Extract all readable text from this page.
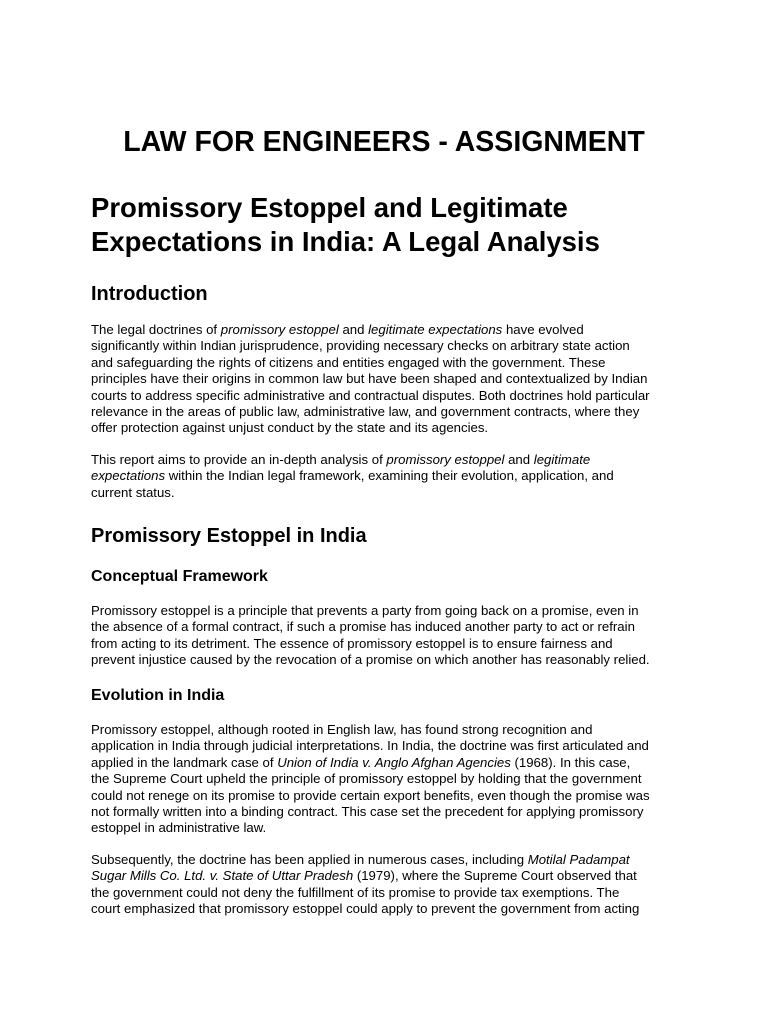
LAW FOR ENGINEERS - ASSIGNMENT
Promissory Estoppel and Legitimate
Expectations in India: A Legal Analysis
Introduction

The legal doctrines of promissory estoppel and legitimate expectations have evolved
significantly within Indian jurisprudence, providing necessary checks on arbitrary state action
and safeguarding the rights of citizens and entities engaged with the government. These
principles have their origins in common law but have been shaped and contextualized by Indian
courts to address specific administrative and contractual disputes. Both doctrines hold particular
relevance in the areas of public law, administrative law, and government contracts, where they
offer protection against unjust conduct by the state and its agencies.

This report aims to provide an in-depth analysis of promissory estoppel and legitimate
expectations within the Indian legal framework, examining their evolution, application, and
current status.

Promissory Estoppel in India
Conceptual Framework

Promissory estoppel is a principle that prevents a party from going back on a promise, even in
the absence of a formal contract, if such a promise has induced another party to act or refrain
from acting to its detriment. The essence of promissory estoppel is to ensure fairness and
prevent injustice caused by the revocation of a promise on which another has reasonably relied.

Evolution in India

Promissory estoppel, although rooted in English law, has found strong recognition and
application in India through judicial interpretations. In India, the doctrine was first articulated and
applied in the landmark case of Union of India v. Anglo Afghan Agencies (1968). In this case,
the Supreme Court upheld the principle of promissory estoppel by holding that the government
could not renege on its promise to provide certain export benefits, even though the promise was
not formally written into a binding contract. This case set the precedent for applying promissory
estoppel in administrative law.

Subsequently, the doctrine has been applied in numerous cases, including Motilal Padampat
Sugar Mills Co. Ltd. v. State of Uttar Pradesh (1979), where the Supreme Court observed that
the government could not deny the fulfillment of its promise to provide tax exemptions. The
court emphasized that promissory estoppel could apply to prevent the government from acting
